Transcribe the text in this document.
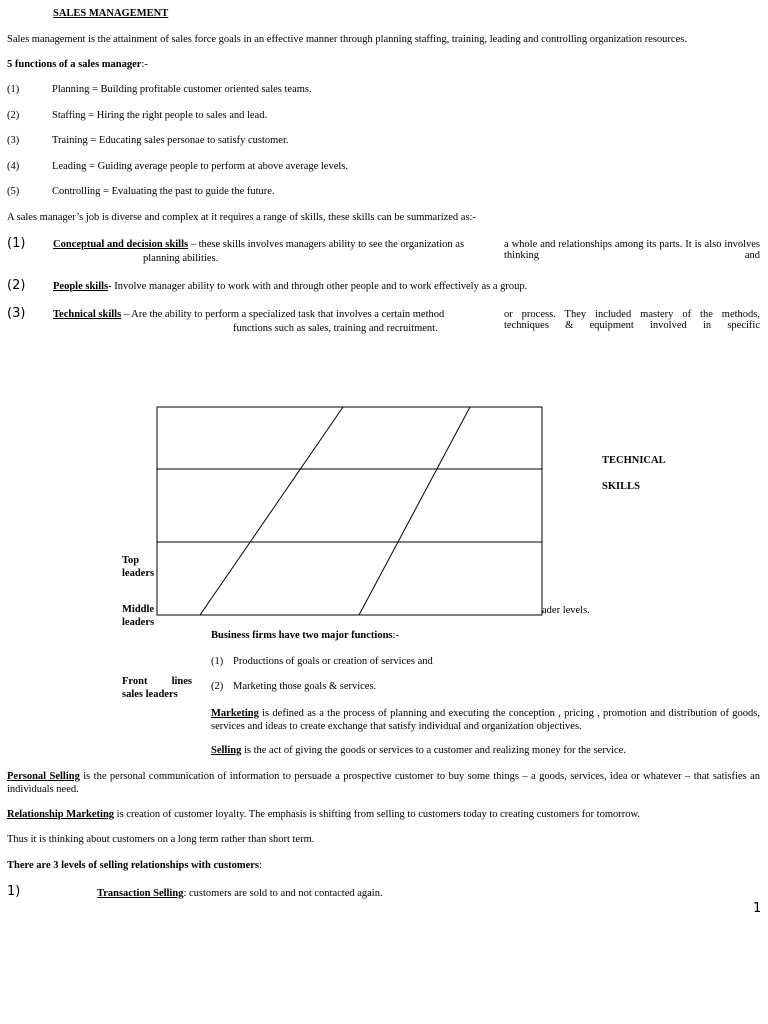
SALES MANAGEMENT
Sales management is the attainment of sales force goals in an effective manner through planning staffing, training, leading and controlling organization resources.
5 functions of a sales manager:-
(1)	Planning = Building profitable customer oriented sales teams.
(2)	Staffing = Hiring the right people to sales and lead.
(3)	Training = Educating sales personae to satisfy customer.
(4)	Leading = Guiding average people to perform at above average levels.
(5)	Controlling = Evaluating the past to guide the future.
A sales manager’s job is diverse and complex at it requires a range of skills, these skills can be summarized as:-
(1)	Conceptual and decision skills – these skills involves managers ability to see the organization as	a whole and relationships among its parts. It is also involves thinking and
planning abilities.
(2)	People skills- Involve manager ability to work with and through other people and to work effectively as a group.
(3)	Technical skills – Are the ability to perform a specialized task that involves a certain method	or process. They included mastery of the methods, techniques & equipment involved in specific
functions such as sales, training and recruitment.
TECHNICAL
SKILLS
Top
leaders
Middle
leaders
Front lines
sales leaders
ader levels.
Business firms have two major functions:-
(1) Productions of goals or creation of services and
(2) Marketing those goals & services.
Marketing is defined as a the process of planning and executing the conception , pricing , promotion and distribution of goods, services and ideas to create exchange that satisfy individual and organization objectives.
Selling is the act of giving the goods or services to a customer and realizing money for the service.
Personal Selling is the personal communication of information to persuade a prospective customer to buy some things – a goods, services, idea or whatever – that satisfies an individuals need.
Relationship Marketing is creation of customer loyalty. The emphasis is shifting from selling to customers today to creating customers for tomorrow.
Thus it is thinking about customers on a long term rather than short term.
There are 3 levels of selling relationships with customers:
1)	Transaction Selling: customers are sold to and not contacted again.
1
